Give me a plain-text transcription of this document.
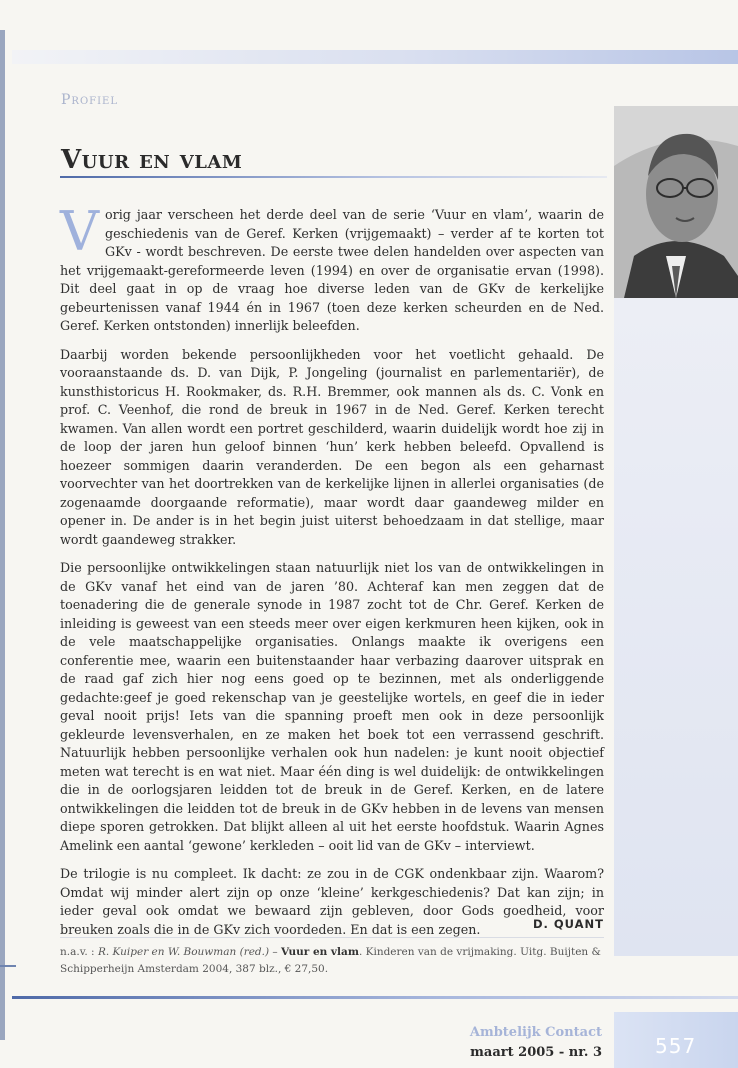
Profiel
Vuur en vlam

Vorig jaar verscheen het derde deel van de serie ‘Vuur en vlam’, waarin de geschiedenis van de Geref. Kerken (vrijgemaakt) – verder af te korten tot GKv - wordt beschreven. De eerste twee delen handelden over aspecten van het vrijgemaakt-gereformeerde leven (1994) en over de organisatie ervan (1998). Dit deel gaat in op de vraag hoe diverse leden van de GKv de kerkelijke gebeurtenissen vanaf 1944 én in 1967 (toen deze kerken scheurden en de Ned. Geref. Kerken ontstonden) innerlijk beleefden.

Daarbij worden bekende persoonlijkheden voor het voetlicht gehaald. De vooraanstaande ds. D. van Dijk, P. Jongeling (journalist en parlementariër), de kunsthistoricus H. Rookmaker, ds. R.H. Bremmer, ook mannen als ds. C. Vonk en prof. C. Veenhof, die rond de breuk in 1967 in de Ned. Geref. Kerken terecht kwamen. Van allen wordt een portret geschilderd, waarin duidelijk wordt hoe zij in de loop der jaren hun geloof binnen ‘hun’ kerk hebben beleefd. Opvallend is hoezeer sommigen daarin veranderden. De een begon als een geharnast voorvechter van het doortrekken van de kerkelijke lijnen in allerlei organisaties (de zogenaamde doorgaande reformatie), maar wordt daar gaandeweg milder en opener in. De ander is in het begin juist uiterst behoedzaam in dat stellige, maar wordt gaandeweg strakker.

Die persoonlijke ontwikkelingen staan natuurlijk niet los van de ontwikkelingen in de GKv vanaf het eind van de jaren ’80. Achteraf kan men zeggen dat de toenadering die de generale synode in 1987 zocht tot de Chr. Geref. Kerken de inleiding is geweest van een steeds meer over eigen kerkmuren heen kijken, ook in de vele maatschappelijke organisaties. Onlangs maakte ik overigens een conferentie mee, waarin een buitenstaander haar verbazing daarover uitsprak en de raad gaf zich hier nog eens goed op te bezinnen, met als onderliggende gedachte:geef je goed rekenschap van je geestelijke wortels, en geef die in ieder geval nooit prijs! Iets van die spanning proeft men ook in deze persoonlijk gekleurde levensverhalen, en ze maken het boek tot een verrassend geschrift. Natuurlijk hebben persoonlijke verhalen ook hun nadelen: je kunt nooit objectief meten wat terecht is en wat niet. Maar één ding is wel duidelijk: de ontwikkelingen die in de oorlogsjaren leidden tot de breuk in de Geref. Kerken, en de latere ontwikkelingen die leidden tot de breuk in de GKv hebben in de levens van mensen diepe sporen getrokken. Dat blijkt alleen al uit het eerste hoofdstuk. Waarin Agnes Amelink een aantal ‘gewone’ kerkleden – ooit lid van de GKv – interviewt.

De trilogie is nu compleet. Ik dacht: ze zou in de CGK ondenkbaar zijn. Waarom? Omdat wij minder alert zijn op onze ‘kleine’ kerkgeschiedenis? Dat kan zijn; in ieder geval ook omdat we bewaard zijn gebleven, door Gods goedheid, voor breuken zoals die in de GKv zich voordeden. En dat is een zegen.	D. QUANT
n.a.v. : R. Kuiper en W. Bouwman (red.) – Vuur en vlam. Kinderen van de vrijmaking. Uitg. Buijten & Schipperheijn Amsterdam 2004, 387 blz., € 27,50.
Ambtelijk Contact
maart 2005 - nr. 3	557
